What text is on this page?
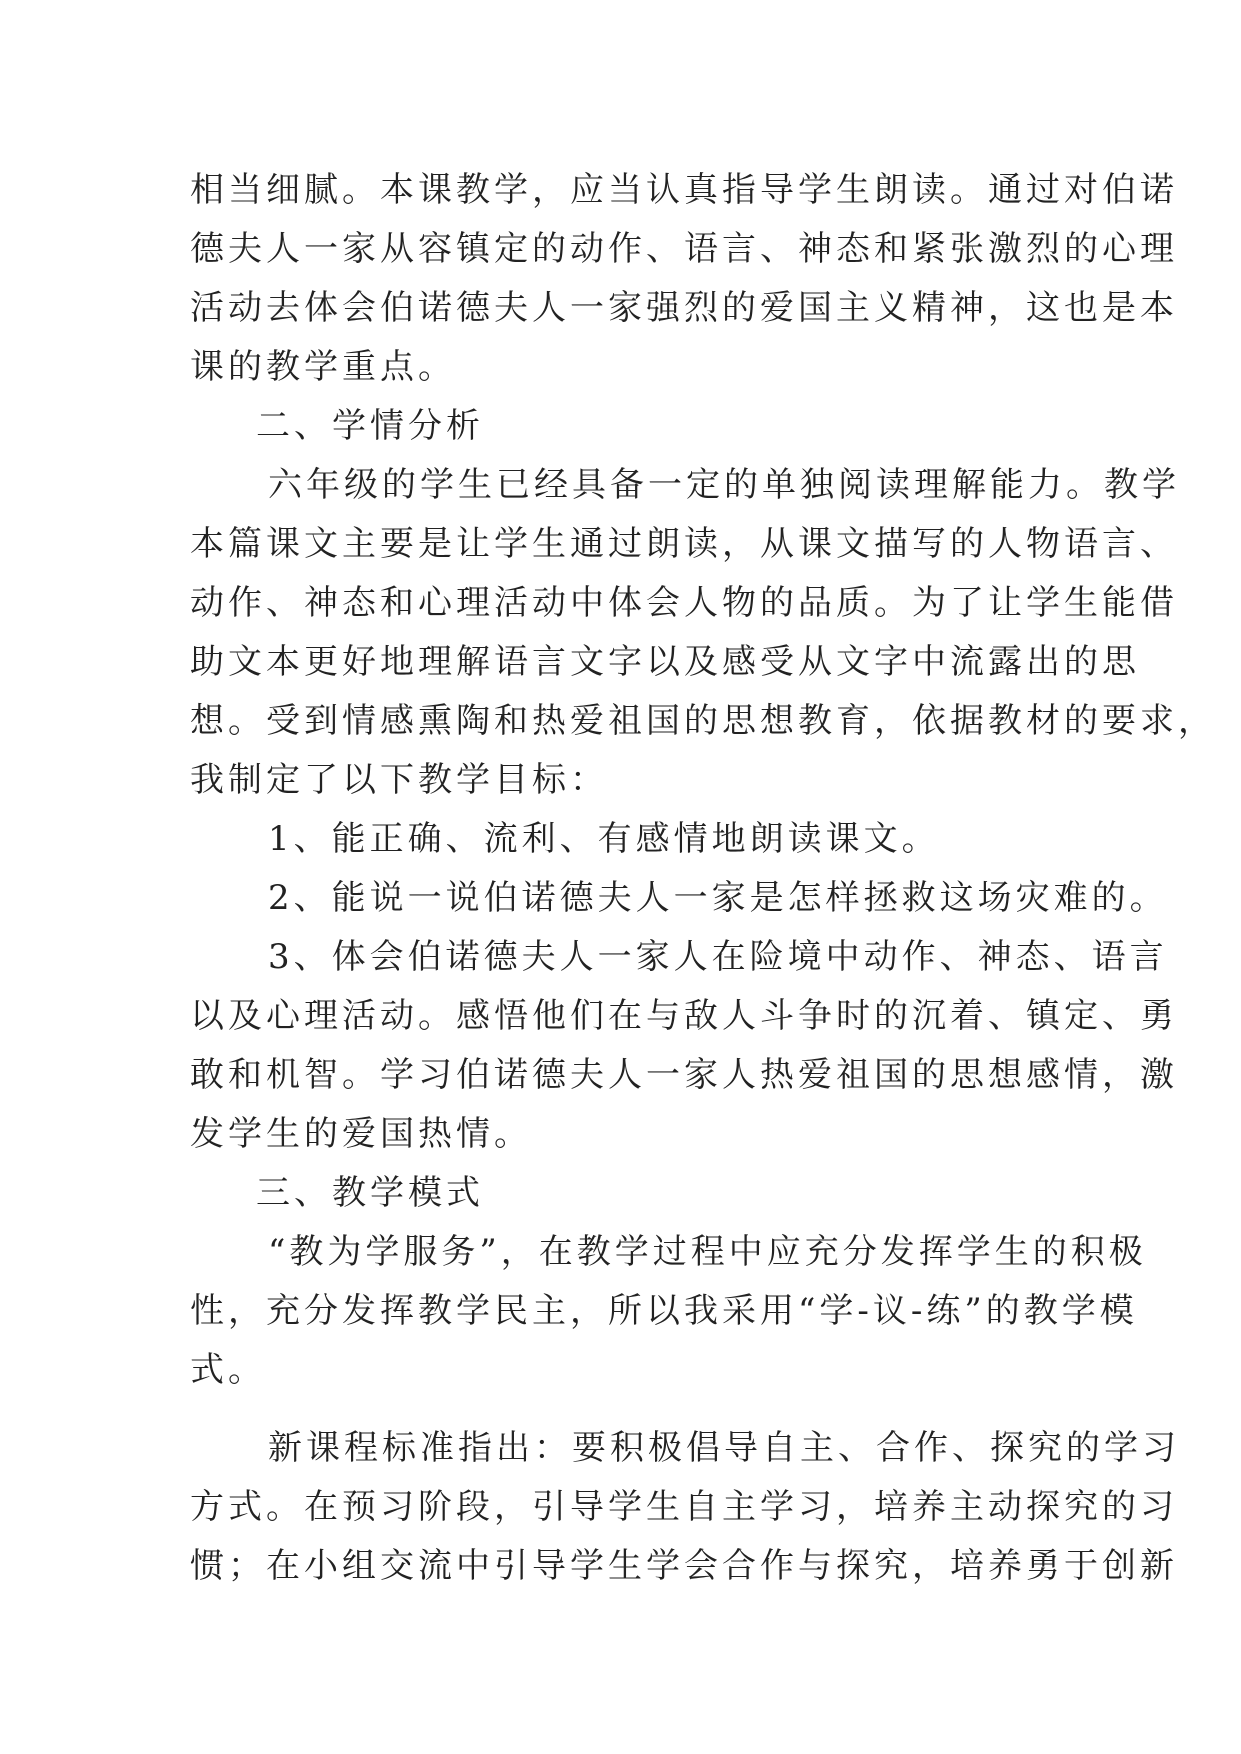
相当细腻。本课教学，应当认真指导学生朗读。通过对伯诺
德夫人一家从容镇定的动作、语言、神态和紧张激烈的心理
活动去体会伯诺德夫人一家强烈的爱国主义精神，这也是本
课的教学重点。
二、学情分析
六年级的学生已经具备一定的单独阅读理解能力。教学
本篇课文主要是让学生通过朗读，从课文描写的人物语言、
动作、神态和心理活动中体会人物的品质。为了让学生能借
助文本更好地理解语言文字以及感受从文字中流露出的思
想。受到情感熏陶和热爱祖国的思想教育，依据教材的要求，
我制定了以下教学目标：
1、能正确、流利、有感情地朗读课文。
2、能说一说伯诺德夫人一家是怎样拯救这场灾难的。
3、体会伯诺德夫人一家人在险境中动作、神态、语言
以及心理活动。感悟他们在与敌人斗争时的沉着、镇定、勇
敢和机智。学习伯诺德夫人一家人热爱祖国的思想感情，激
发学生的爱国热情。
三、教学模式
“教为学服务”，在教学过程中应充分发挥学生的积极
性，充分发挥教学民主，所以我采用“学-议-练”的教学模
式。
新课程标准指出：要积极倡导自主、合作、探究的学习
方式。在预习阶段，引导学生自主学习，培养主动探究的习
惯；在小组交流中引导学生学会合作与探究，培养勇于创新
